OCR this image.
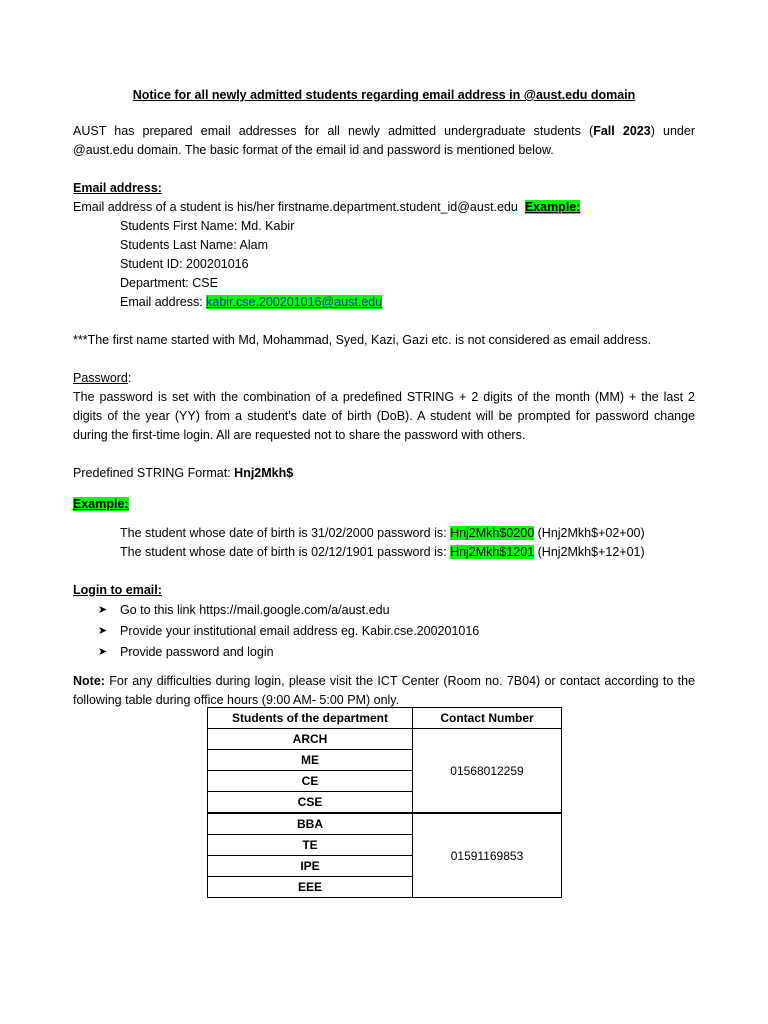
Notice for all newly admitted students regarding email address in @aust.edu domain

AUST has prepared email addresses for all newly admitted undergraduate students (Fall 2023) under @aust.edu domain. The basic format of the email id and password is mentioned below.

Email address:

Email address of a student is his/her firstname.department.student_id@aust.edu Example:

Students First Name: Md. Kabir

Students Last Name: Alam

Student ID: 200201016

Department: CSE

Email address: kabir.cse.200201016@aust.edu

***The first name started with Md, Mohammad, Syed, Kazi, Gazi etc. is not considered as email address.

Password:

The password is set with the combination of a predefined STRING + 2 digits of the month (MM) + the last 2 digits of the year (YY) from a student's date of birth (DoB). A student will be prompted for password change during the first-time login. All are requested not to share the password with others.

Predefined STRING Format: Hnj2Mkh$

Example:

The student whose date of birth is 31/02/2000 password is: Hnj2Mkh$0200 (Hnj2Mkh$+02+00)

The student whose date of birth is 02/12/1901 password is: Hnj2Mkh$1201 (Hnj2Mkh$+12+01)

Login to email:

➤ Go to this link https://mail.google.com/a/aust.edu
➤ Provide your institutional email address eg. Kabir.cse.200201016
➤ Provide password and login

Note: For any difficulties during login, please visit the ICT Center (Room no. 7B04) or contact according to the following table during office hours (9:00 AM- 5:00 PM) only.

Students of the department	Contact Number
ARCH	01568012259
ME	
CE	
CSE	
BBA	01591169853
TE	
IPE	
EEE	
